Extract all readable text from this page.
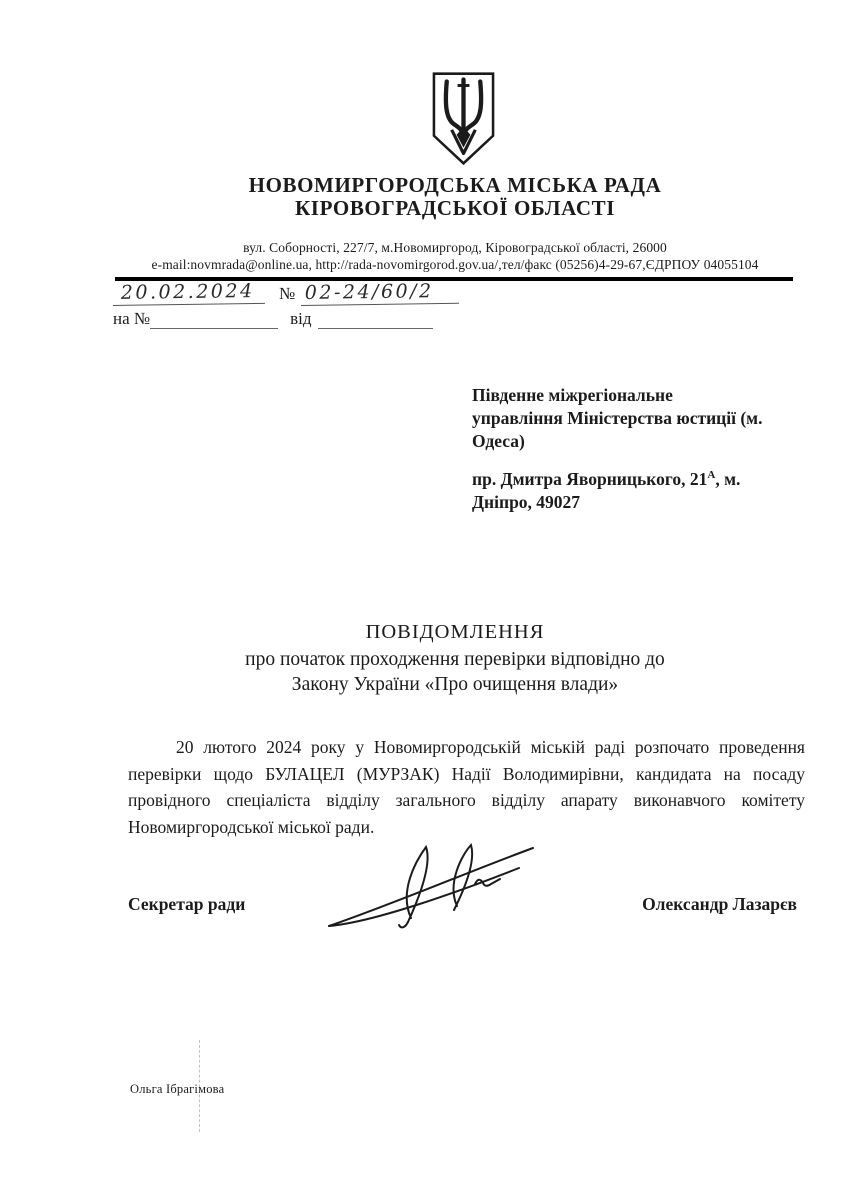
НОВОМИРГОРОДСЬКА МІСЬКА РАДА
КІРОВОГРАДСЬКОЇ ОБЛАСТІ
вул. Соборності, 227/7, м.Новомиргород, Кіровоградської області, 26000
e-mail:novmrada@online.ua, http://rada-novomirgorod.gov.ua/,тел/факс (05256)4-29-67,ЄДРПОУ 04055104
20.02.2024	№ 02-24/60/2
на №	від
Південне міжрегіональне
управління Міністерства юстиції (м.
Одеса)
пр. Дмитра Яворницького, $21^А$, м.
Дніпро, 49027
ПОВІДОМЛЕННЯ
про початок проходження перевірки відповідно до
Закону України «Про очищення влади»

20 лютого 2024 року у Новомиргородській міській раді розпочато проведення перевірки щодо БУЛАЦЕЛ (МУРЗАК) Надії Володимирівни, кандидата на посаду провідного спеціаліста відділу загального відділу апарату виконавчого комітету Новомиргородської міської ради.

Секретар ради	Олександр Лазарєв
Ольга Ібрагімова
